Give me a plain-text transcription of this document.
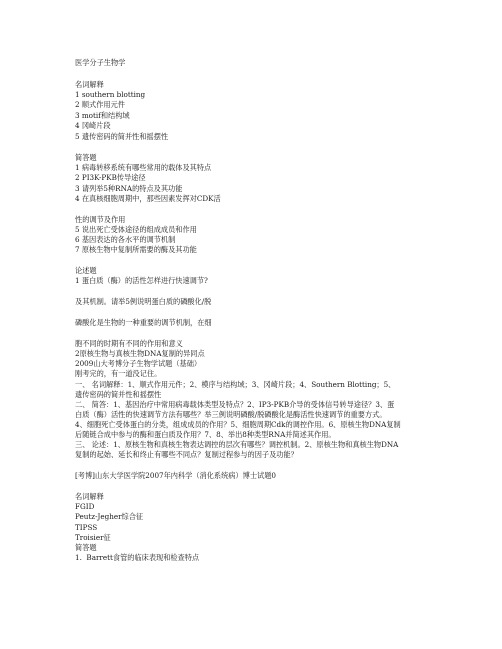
医学分子生物学
名词解释
1 southern blotting
2 顺式作用元件
3 motif和结构域
4 冈崎片段
5 遗传密码的简并性和摇摆性
简答题
1 病毒转移系统有哪些常用的载体及其特点
2 PI3K-PKB传导途径
3 请列举5种RNA的特点及其功能
4 在真核细胞周期中，那些因素发挥对CDK活
性的调节及作用
5 说出死亡受体途径的组成成员和作用
6 基因表达的各水平的调节机制
7 原核生物中复制所需要的酶及其功能
论述题
1 蛋白质（酶）的活性怎样进行快速调节?
及其机制。请举5例说明蛋白质的磷酸化/脱
磷酸化是生物的一种重要的调节机制，在细
胞不同的时期有不同的作用和意义
2原核生物与真核生物DNA复制的异同点
2009山大考博分子生物学试题（基础）
刚考完的，有一道没记住。
一、 名词解释：1、顺式作用元件；2、模序与结构域；3、冈崎片段；4、Southern Blotting；5、
遗传密码的简并性和摇摆性
二、 简答：1、基因治疗中常用病毒载体类型及特点？2、IP3-PKB介导的受体信号转导途径？3、蛋
白质（酶）活性的快速调节方法有哪些？举三例说明磷酸/脱磷酸化是酶活性快速调节的重要方式。
4、细胞死亡受体蛋白的分类，组成成员的作用？5、细胞周期Cdk的调控作用。6、原核生物DNA复制
后随链合成中参与的酶和蛋白质及作用？7、8、举出8种类型RNA并简述其作用。
三、 论述：1、原核生物和真核生物表达调控的层次有哪些？调控机制。2、原核生物和真核生物DNA
复制的起始、延长和终止有哪些不同点？复制过程参与的因子及功能？
[考博]山东大学医学院2007年内科学（消化系统病）博士试题0
名词解释
FGID
Peutz-Jegher综合征
TIPSS
Troisier征
简答题
1.  Barrett食管的临床表现和检查特点
